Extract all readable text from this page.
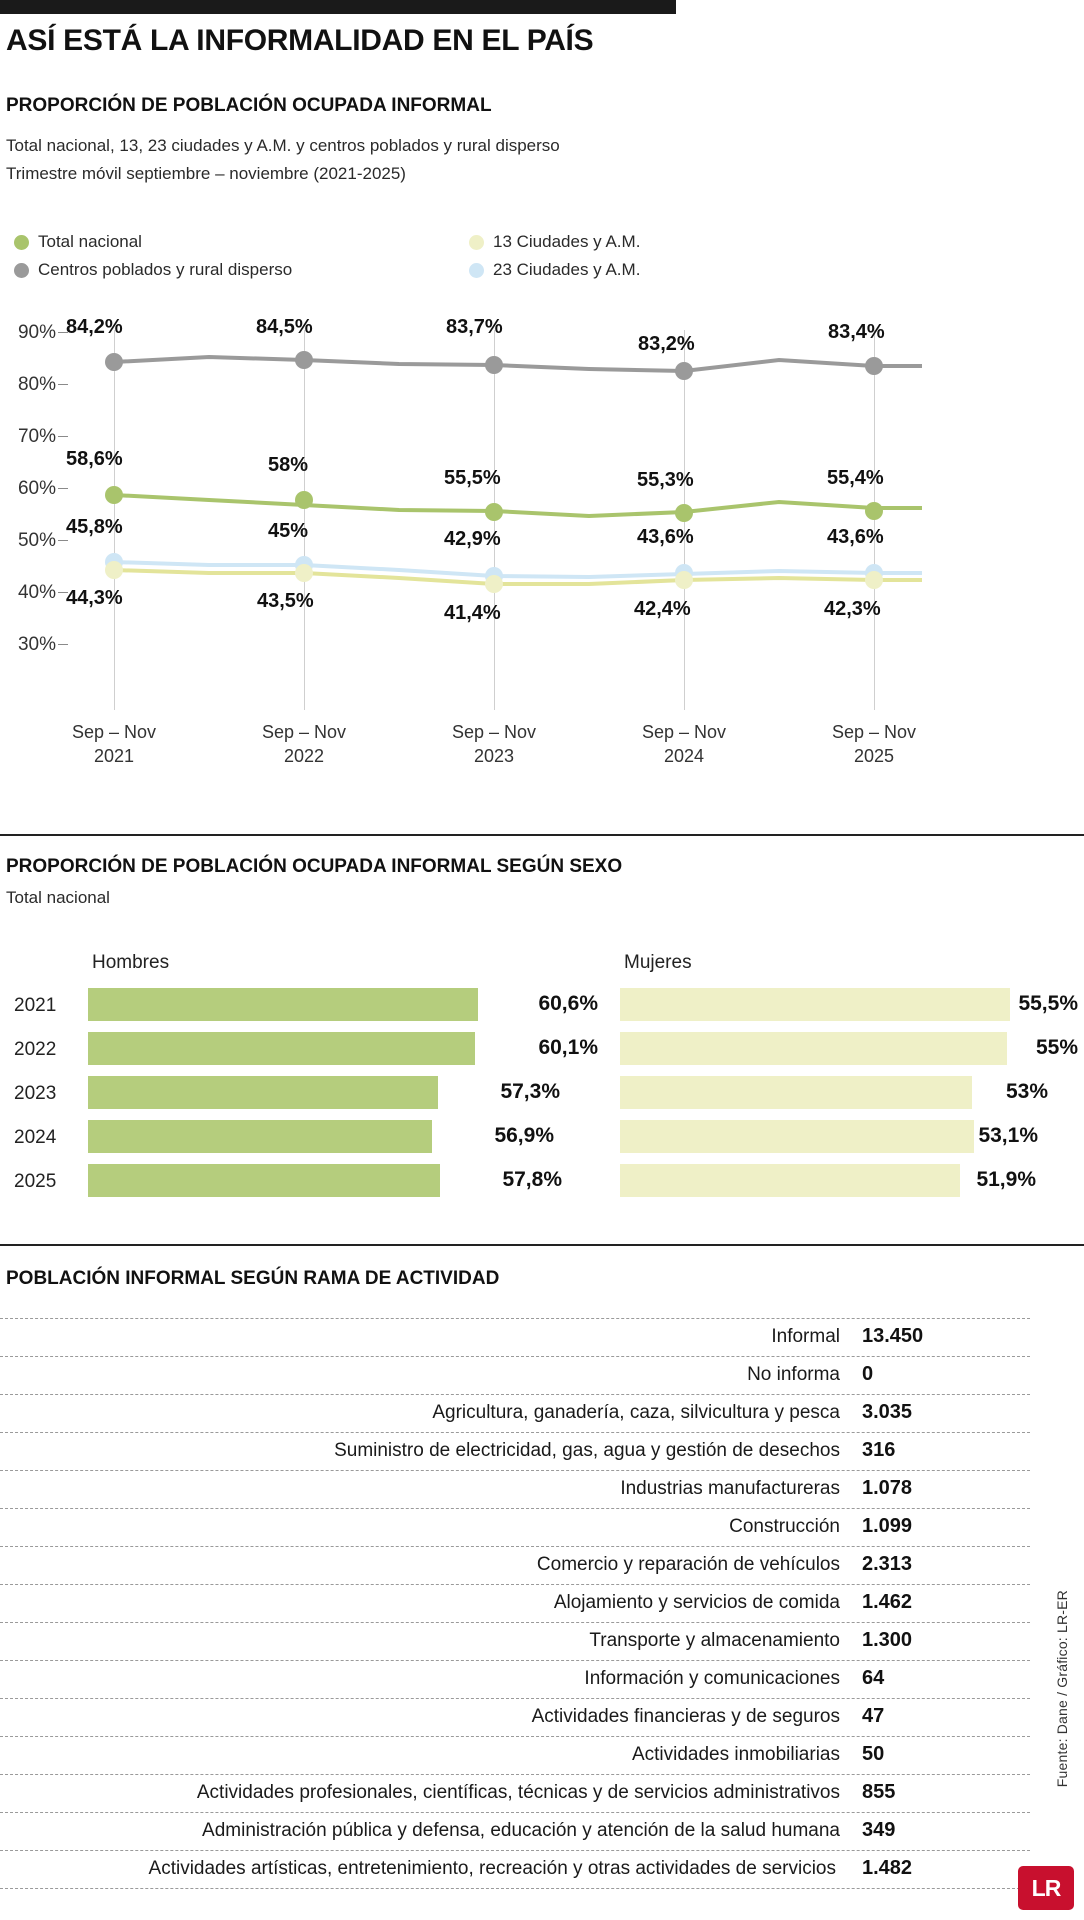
ASÍ ESTÁ LA INFORMALIDAD EN EL PAÍS
PROPORCIÓN DE POBLACIÓN OCUPADA INFORMAL
Total nacional, 13, 23 ciudades y A.M. y centros poblados y rural disperso
Trimestre móvil septiembre – noviembre (2021-2025)
Total nacional	13 Ciudades y A.M.
Centros poblados y rural disperso	23 Ciudades y A.M.
90%
80%
70%
60%
50%
40%
30%
84,2%	84,5%	83,7%
83,2%
83,4%
58,6%	58%
55,5%	55,3%	55,4%
45,8%	45%	42,9%	43,6%	43,6%
44,3%	43,5%
41,4%	42,4%	42,3%
Sep – Nov
2021
Sep – Nov
2022
Sep – Nov
2023
Sep – Nov
2024
Sep – Nov
2025
PROPORCIÓN DE POBLACIÓN OCUPADA INFORMAL SEGÚN SEXO
Total nacional
Hombres	Mujeres
2021	60,6%	55,5%
2022	60,1%	55%
2023	57,3%	53%
2024	56,9%	53,1%
2025	57,8%	51,9%
POBLACIÓN INFORMAL SEGÚN RAMA DE ACTIVIDAD
Informal 13.450
No informa 0
Agricultura, ganadería, caza, silvicultura y pesca 3.035
Suministro de electricidad, gas, agua y gestión de desechos 316
Industrias manufactureras 1.078
Construcción 1.099
Comercio y reparación de vehículos 2.313
Alojamiento y servicios de comida 1.462
Transporte y almacenamiento 1.300
Información y comunicaciones 64
Actividades financieras y de seguros 47
Actividades inmobiliarias 50
Actividades profesionales, científicas, técnicas y de servicios administrativos 855
Administración pública y defensa, educación y atención de la salud humana 349
Actividades artísticas, entretenimiento, recreación y otras actividades de servicios 1.482
Fuente: Dane / Gráfico: LR-ER
LR
